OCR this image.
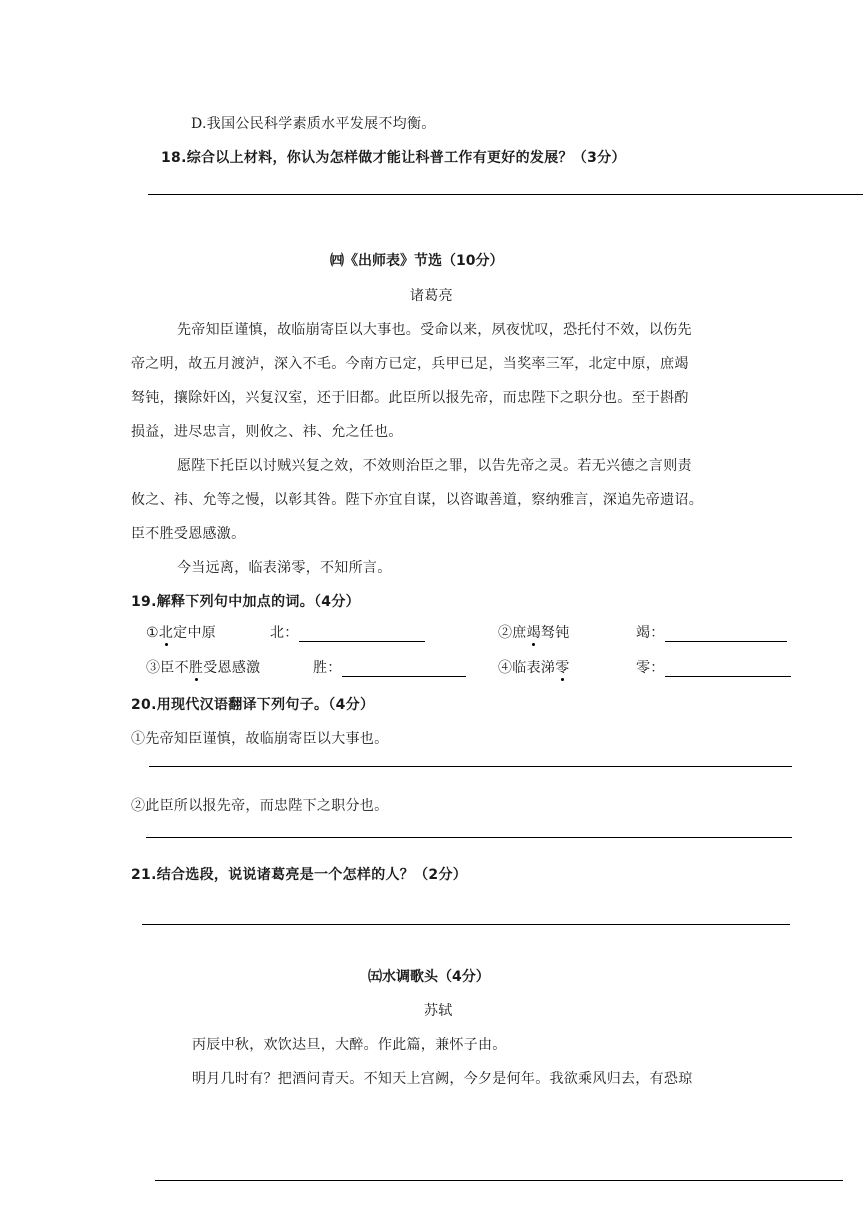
D.我国公民科学素质水平发展不均衡。
18.综合以上材料，你认为怎样做才能让科普工作有更好的发展？（3分）
㈣《出师表》节选（10分）
诸葛亮
先帝知臣谨慎，故临崩寄臣以大事也。受命以来，夙夜忧叹，恐托付不效，以伤先
帝之明，故五月渡泸，深入不毛。今南方已定，兵甲已足，当奖率三军，北定中原，庶竭
驽钝，攘除奸凶，兴复汉室，还于旧都。此臣所以报先帝，而忠陛下之职分也。至于斟酌
损益，进尽忠言，则攸之、祎、允之任也。
愿陛下托臣以讨贼兴复之效，不效则治臣之罪，以告先帝之灵。若无兴德之言则责
攸之、祎、允等之慢，以彰其咎。陛下亦宜自谋，以咨诹善道，察纳雅言，深追先帝遗诏。
臣不胜受恩感激。
今当远离，临表涕零，不知所言。
19.解释下列句中加点的词。（4分）
①北定中原	北：	②庶竭驽钝	竭：
③臣不胜受恩感激	胜：	④临表涕零	零：
20.用现代汉语翻译下列句子。（4分）
①先帝知臣谨慎，故临崩寄臣以大事也。
②此臣所以报先帝，而忠陛下之职分也。
21.结合选段，说说诸葛亮是一个怎样的人？（2分）
㈤水调歌头（4分）
苏轼
丙辰中秋，欢饮达旦，大醉。作此篇，兼怀子由。
明月几时有？把酒问青天。不知天上宫阙，今夕是何年。我欲乘风归去，有恐琼
